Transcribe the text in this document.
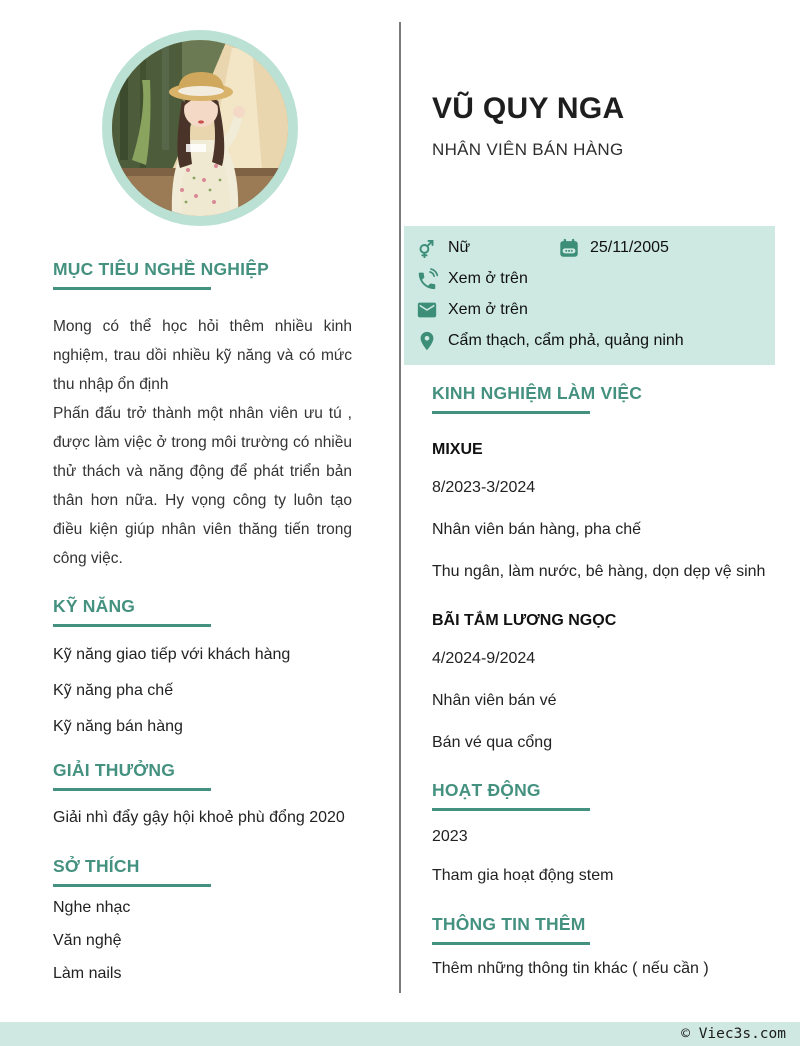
MỤC TIÊU NGHỀ NGHIỆP

Mong có thể học hỏi thêm nhiều kinh nghiệm, trau dồi nhiều kỹ năng và có mức thu nhập ổn định

Phấn đấu trở thành một nhân viên ưu tú , được làm việc ở trong môi trường có nhiều thử thách và năng động để phát triển bản thân hơn nữa. Hy vọng công ty luôn tạo điều kiện giúp nhân viên thăng tiến trong công việc.

KỸ NĂNG
Kỹ năng giao tiếp với khách hàng
Kỹ năng pha chế
Kỹ năng bán hàng
GIẢI THƯỞNG

Giải nhì đẩy gậy hội khoẻ phù đổng 2020

SỞ THÍCH
Nghe nhạc
Văn nghệ
Làm nails
VŨ QUY NGA
NHÂN VIÊN BÁN HÀNG
Nữ	25/11/2005
Xem ở trên
Xem ở trên
Cẩm thạch, cẩm phả, quảng ninh
KINH NGHIỆM LÀM VIỆC
MIXUE
8/2023-3/2024
Nhân viên bán hàng, pha chế
Thu ngân, làm nước, bê hàng, dọn dẹp vệ sinh
BÃI TẮM LƯƠNG NGỌC
4/2024-9/2024
Nhân viên bán vé
Bán vé qua cổng
HOẠT ĐỘNG
2023
Tham gia hoạt động stem
THÔNG TIN THÊM
Thêm những thông tin khác ( nếu cần )
© Viec3s.com
